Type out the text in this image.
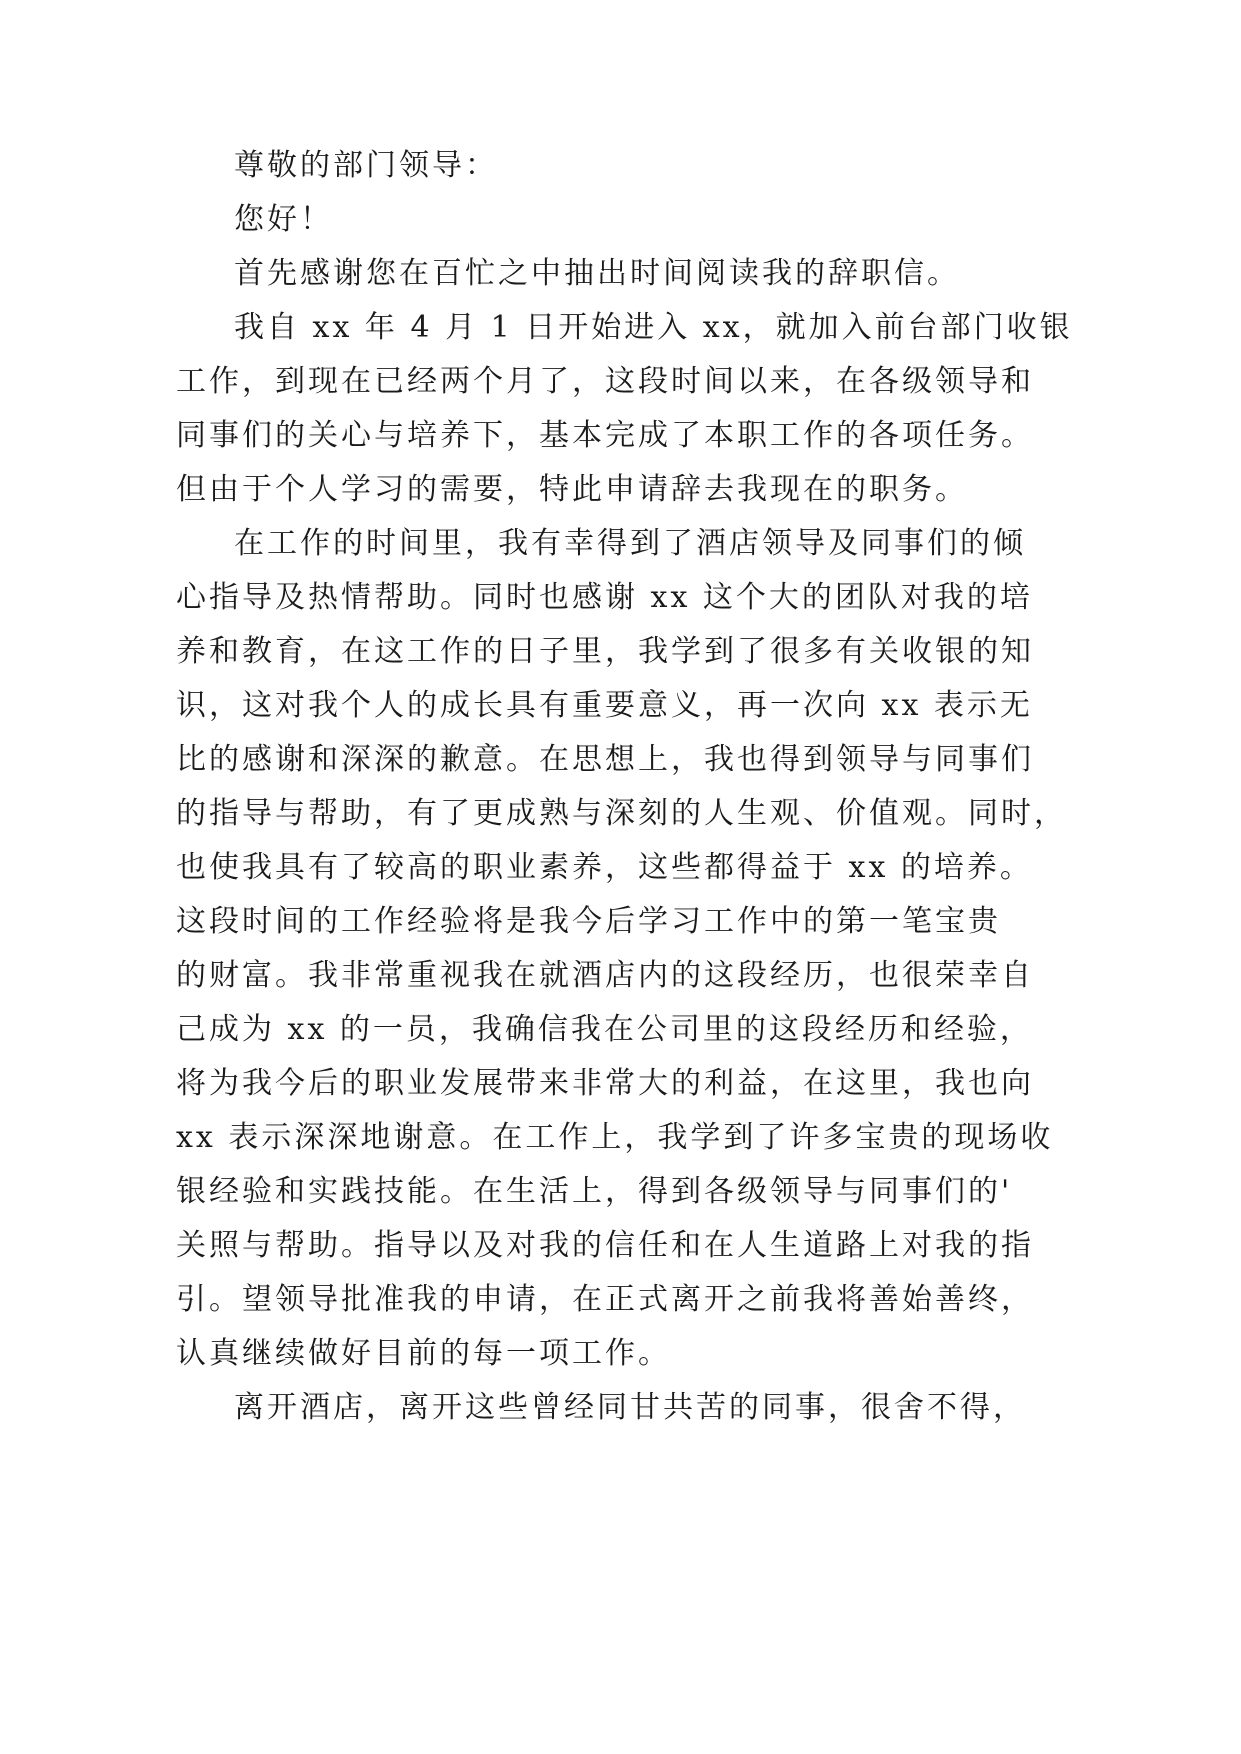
尊敬的部门领导：
您好！
首先感谢您在百忙之中抽出时间阅读我的辞职信。
我自 xx 年 4 月 1 日开始进入 xx，就加入前台部门收银
工作，到现在已经两个月了，这段时间以来，在各级领导和
同事们的关心与培养下，基本完成了本职工作的各项任务。
但由于个人学习的需要，特此申请辞去我现在的职务。
在工作的时间里，我有幸得到了酒店领导及同事们的倾
心指导及热情帮助。同时也感谢 xx 这个大的团队对我的培
养和教育，在这工作的日子里，我学到了很多有关收银的知
识，这对我个人的成长具有重要意义，再一次向 xx 表示无
比的感谢和深深的歉意。在思想上，我也得到领导与同事们
的指导与帮助，有了更成熟与深刻的人生观、价值观。同时，
也使我具有了较高的职业素养，这些都得益于 xx 的培养。
这段时间的工作经验将是我今后学习工作中的第一笔宝贵
的财富。我非常重视我在就酒店内的这段经历，也很荣幸自
己成为 xx 的一员，我确信我在公司里的这段经历和经验，
将为我今后的职业发展带来非常大的利益，在这里，我也向
xx 表示深深地谢意。在工作上，我学到了许多宝贵的现场收
银经验和实践技能。在生活上，得到各级领导与同事们的'
关照与帮助。指导以及对我的信任和在人生道路上对我的指
引。望领导批准我的申请，在正式离开之前我将善始善终，
认真继续做好目前的每一项工作。
离开酒店，离开这些曾经同甘共苦的同事，很舍不得，
